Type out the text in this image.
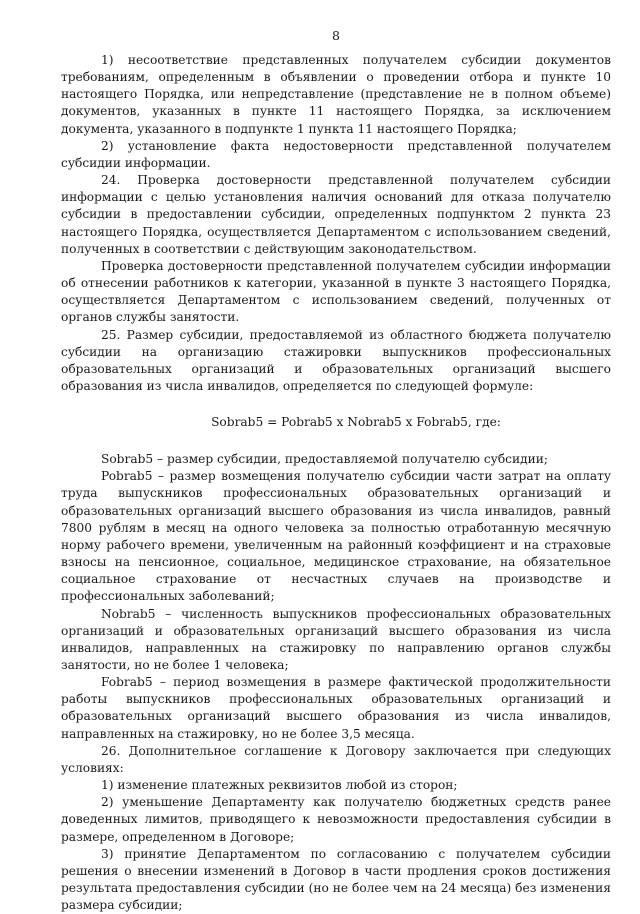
8

1) несоответствие представленных получателем субсидии документов требованиям, определенным в объявлении о проведении отбора и пункте 10 настоящего Порядка, или непредставление (представление не в полном объеме) документов, указанных в пункте 11 настоящего Порядка, за исключением документа, указанного в подпункте 1 пункта 11 настоящего Порядка;

2) установление факта недостоверности представленной получателем субсидии информации.

24. Проверка достоверности представленной получателем субсидии информации с целью установления наличия оснований для отказа получателю субсидии в предоставлении субсидии, определенных подпунктом 2 пункта 23 настоящего Порядка, осуществляется Департаментом с использованием сведений, полученных в соответствии с действующим законодательством.

Проверка достоверности представленной получателем субсидии информации об отнесении работников к категории, указанной в пункте 3 настоящего Порядка, осуществляется Департаментом с использованием сведений, полученных от органов службы занятости.

25. Размер субсидии, предоставляемой из областного бюджета получателю субсидии на организацию стажировки выпускников профессиональных образовательных организаций и образовательных организаций высшего образования из числа инвалидов, определяется по следующей формуле:

Sobrab5 = Pobrab5 x Nobrab5 x Fobrab5, где:

Sobrab5 – размер субсидии, предоставляемой получателю субсидии;

Pobrab5 – размер возмещения получателю субсидии части затрат на оплату труда выпускников профессиональных образовательных организаций и образовательных организаций высшего образования из числа инвалидов, равный 7800 рублям в месяц на одного человека за полностью отработанную месячную норму рабочего времени, увеличенным на районный коэффициент и на страховые взносы на пенсионное, социальное, медицинское страхование, на обязательное социальное страхование от несчастных случаев на производстве и профессиональных заболеваний;

Nobrab5 – численность выпускников профессиональных образовательных организаций и образовательных организаций высшего образования из числа инвалидов, направленных на стажировку по направлению органов службы занятости, но не более 1 человека;

Fobrab5 – период возмещения в размере фактической продолжительности работы выпускников профессиональных образовательных организаций и образовательных организаций высшего образования из числа инвалидов, направленных на стажировку, но не более 3,5 месяца.

26. Дополнительное соглашение к Договору заключается при следующих условиях:

1) изменение платежных реквизитов любой из сторон;

2) уменьшение Департаменту как получателю бюджетных средств ранее доведенных лимитов, приводящего к невозможности предоставления субсидии в размере, определенном в Договоре;

3) принятие Департаментом по согласованию с получателем субсидии решения о внесении изменений в Договор в части продления сроков достижения результата предоставления субсидии (но не более чем на 24 месяца) без изменения размера субсидии;
